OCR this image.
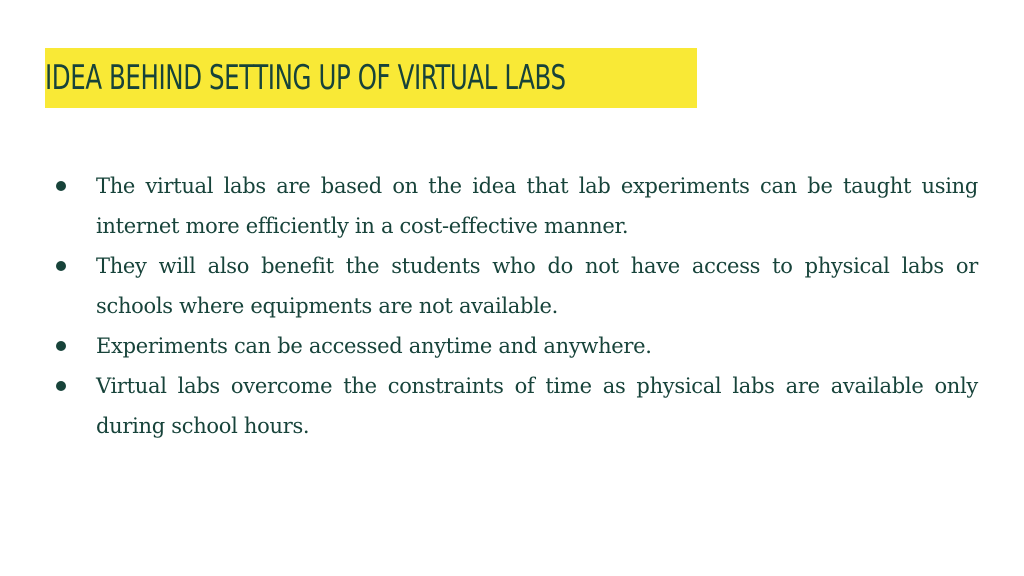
IDEA BEHIND SETTING UP OF VIRTUAL LABS
The virtual labs are based on the idea that lab experiments can be taught using internet more efficiently in a cost-effective manner.
They will also benefit the students who do not have access to physical labs or schools where equipments are not available.
Experiments can be accessed anytime and anywhere.
Virtual labs overcome the constraints of time as physical labs are available only during school hours.
